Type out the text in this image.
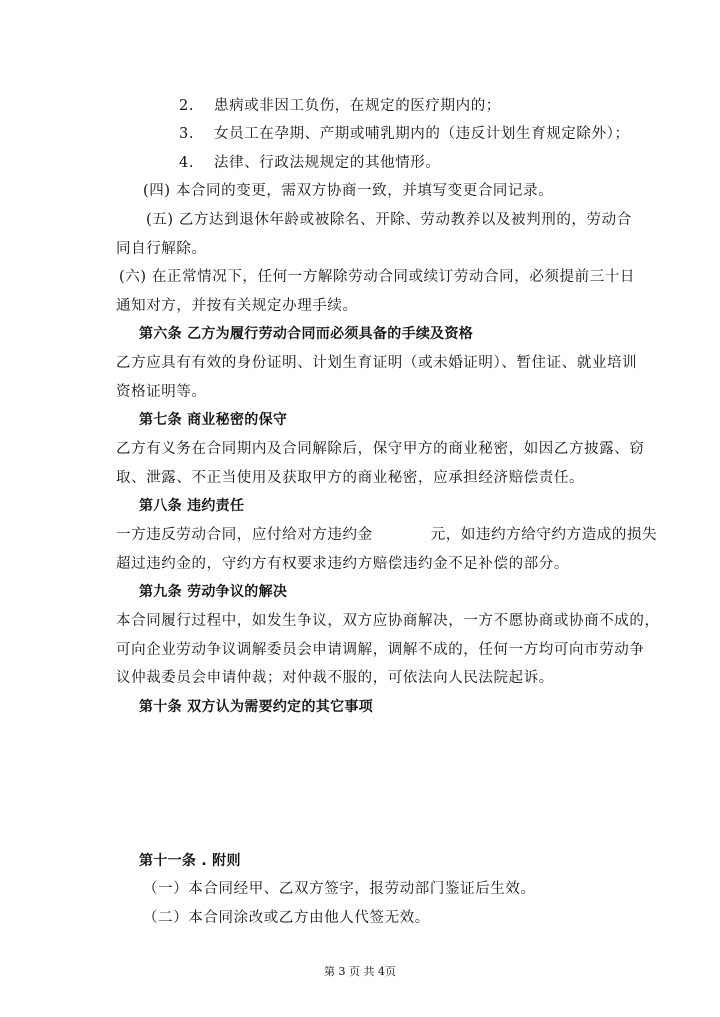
2. 患病或非因工负伤，在规定的医疗期内的；
3. 女员工在孕期、产期或哺乳期内的（违反计划生育规定除外）；
4. 法律、行政法规规定的其他情形。
(四) 本合同的变更，需双方协商一致，并填写变更合同记录。
(五) 乙方达到退休年龄或被除名、开除、劳动教养以及被判刑的，劳动合
同自行解除。
(六) 在正常情况下，任何一方解除劳动合同或续订劳动合同，必须提前三十日
通知对方，并按有关规定办理手续。
第六条 乙方为履行劳动合同而必须具备的手续及资格
乙方应具有有效的身份证明、计划生育证明（或未婚证明）、暂住证、就业培训
资格证明等。
第七条 商业秘密的保守
乙方有义务在合同期内及合同解除后，保守甲方的商业秘密，如因乙方披露、窃
取、泄露、不正当使用及获取甲方的商业秘密，应承担经济赔偿责任。
第八条 违约责任
一方违反劳动合同，应付给对方违约金	元，如违约方给守约方造成的损失
超过违约金的，守约方有权要求违约方赔偿违约金不足补偿的部分。
第九条 劳动争议的解决
本合同履行过程中，如发生争议，双方应协商解决，一方不愿协商或协商不成的，
可向企业劳动争议调解委员会申请调解，调解不成的，任何一方均可向市劳动争
议仲裁委员会申请仲裁；对仲裁不服的，可依法向人民法院起诉。
第十条 双方认为需要约定的其它事项
第十一条 . 附则
（一）本合同经甲、乙双方签字，报劳动部门鉴证后生效。
（二）本合同涂改或乙方由他人代签无效。
第 3 页 共 4页
